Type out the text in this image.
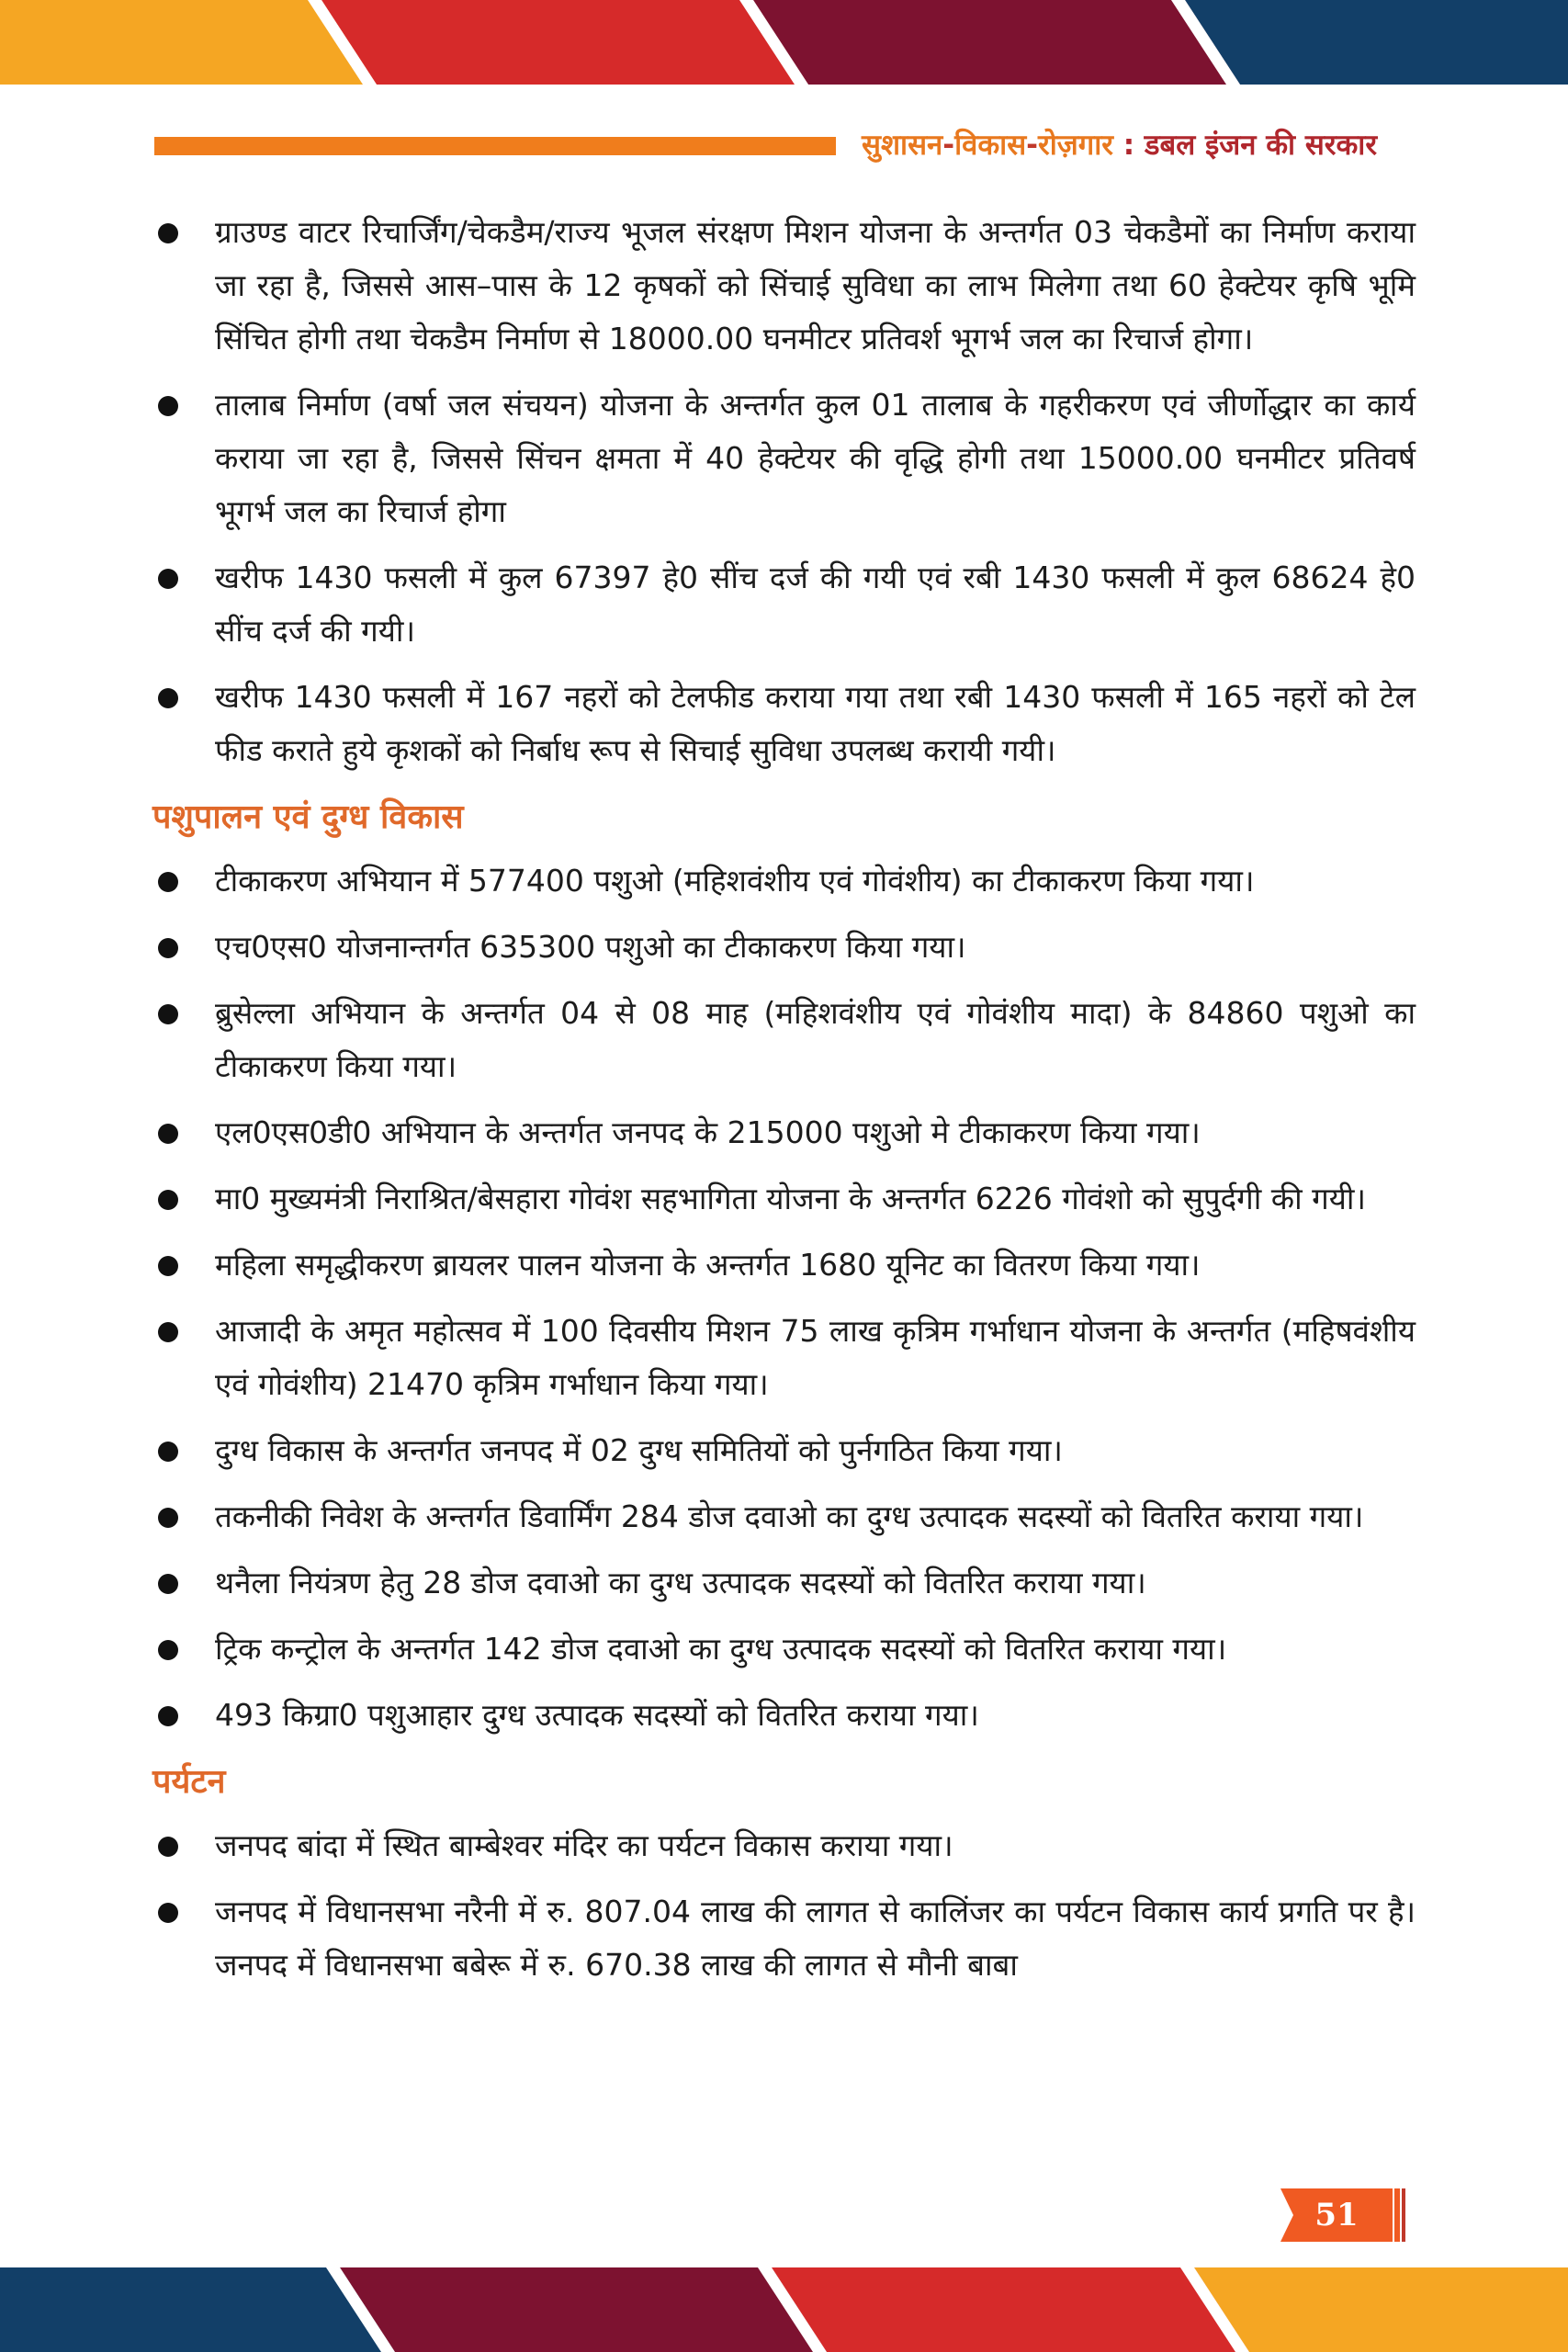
सुशासन-विकास-रोज़गार : डबल इंजन की सरकार
ग्राउण्ड वाटर रिचार्जिंग/चेकडैम/राज्य भूजल संरक्षण मिशन योजना के अन्तर्गत 03 चेकडैमों का निर्माण कराया जा रहा है, जिससे आस–पास के 12 कृषकों को सिंचाई सुविधा का लाभ मिलेगा तथा 60 हेक्टेयर कृषि भूमि सिंचित होगी तथा चेकडैम निर्माण से 18000.00 घनमीटर प्रतिवर्श भूगर्भ जल का रिचार्ज होगा।
तालाब निर्माण (वर्षा जल संचयन) योजना के अन्तर्गत कुल 01 तालाब के गहरीकरण एवं जीर्णोद्धार का कार्य कराया जा रहा है, जिससे सिंचन क्षमता में 40 हेक्टेयर की वृद्धि होगी तथा 15000.00 घनमीटर प्रतिवर्ष भूगर्भ जल का रिचार्ज होगा
खरीफ 1430 फसली में कुल 67397 हे0 सींच दर्ज की गयी एवं रबी 1430 फसली में कुल 68624 हे0 सींच दर्ज की गयी।
खरीफ 1430 फसली में 167 नहरों को टेलफीड कराया गया तथा रबी 1430 फसली में 165 नहरों को टेल फीड कराते हुये कृशकों को निर्बाध रूप से सिचाई सुविधा उपलब्ध करायी गयी।
पशुपालन एवं दुग्ध विकास
टीकाकरण अभियान में 577400 पशुओ (महिशवंशीय एवं गोवंशीय) का टीकाकरण किया गया।
एच0एस0 योजनान्तर्गत 635300 पशुओ का टीकाकरण किया गया।
ब्रुसेल्ला अभियान के अन्तर्गत 04 से 08 माह (महिशवंशीय एवं गोवंशीय मादा) के 84860 पशुओ का टीकाकरण किया गया।
एल0एस0डी0 अभियान के अन्तर्गत जनपद के 215000 पशुओ मे टीकाकरण किया गया।
मा0 मुख्यमंत्री निराश्रित/बेसहारा गोवंश सहभागिता योजना के अन्तर्गत 6226 गोवंशो को सुपुर्दगी की गयी।
महिला समृद्धीकरण ब्रायलर पालन योजना के अन्तर्गत 1680 यूनिट का वितरण किया गया।
आजादी के अमृत महोत्सव में 100 दिवसीय मिशन 75 लाख कृत्रिम गर्भाधान योजना के अन्तर्गत (महिषवंशीय एवं गोवंशीय) 21470 कृत्रिम गर्भाधान किया गया।
दुग्ध विकास के अन्तर्गत जनपद में 02 दुग्ध समितियों को पुर्नगठित किया गया।
तकनीकी निवेश के अन्तर्गत डिवार्मिंग 284 डोज दवाओ का दुग्ध उत्पादक सदस्यों को वितरित कराया गया।
थनैला नियंत्रण हेतु 28 डोज दवाओ का दुग्ध उत्पादक सदस्यों को वितरित कराया गया।
ट्रिक कन्ट्रोल के अन्तर्गत 142 डोज दवाओ का दुग्ध उत्पादक सदस्यों को वितरित कराया गया।
493 किग्रा0 पशुआहार दुग्ध उत्पादक सदस्यों को वितरित कराया गया।
पर्यटन
जनपद बांदा में स्थित बाम्बेश्वर मंदिर का पर्यटन विकास कराया गया।
जनपद में विधानसभा नरैनी में रु. 807.04 लाख की लागत से कालिंजर का पर्यटन विकास कार्य प्रगति पर है। जनपद में विधानसभा बबेरू में रु. 670.38 लाख की लागत से मौनी बाबा
51
